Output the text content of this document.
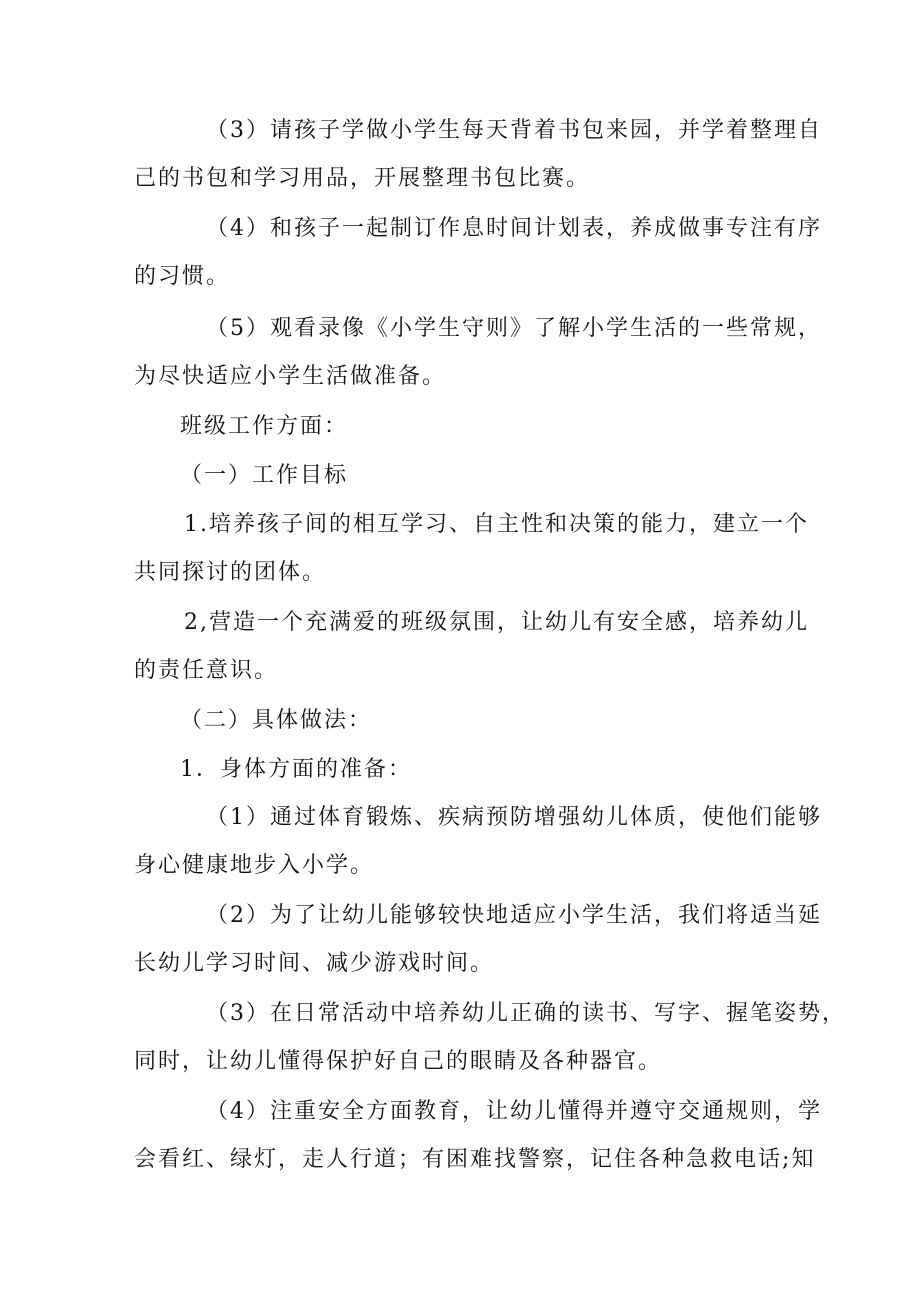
（3）请孩子学做小学生每天背着书包来园，并学着整理自
己的书包和学习用品，开展整理书包比赛。
（4）和孩子一起制订作息时间计划表，养成做事专注有序
的习惯。
（5）观看录像《小学生守则》了解小学生活的一些常规，
为尽快适应小学生活做准备。
班级工作方面：
（一）工作目标
1.培养孩子间的相互学习、自主性和决策的能力，建立一个
共同探讨的团体。
2,营造一个充满爱的班级氛围，让幼儿有安全感，培养幼儿
的责任意识。
（二）具体做法：
1．身体方面的准备：
（1）通过体育锻炼、疾病预防增强幼儿体质，使他们能够
身心健康地步入小学。
（2）为了让幼儿能够较快地适应小学生活，我们将适当延
长幼儿学习时间、减少游戏时间。
（3）在日常活动中培养幼儿正确的读书、写字、握笔姿势，
同时，让幼儿懂得保护好自己的眼睛及各种器官。
（4）注重安全方面教育，让幼儿懂得并遵守交通规则，学
会看红、绿灯，走人行道；有困难找警察，记住各种急救电话;知
